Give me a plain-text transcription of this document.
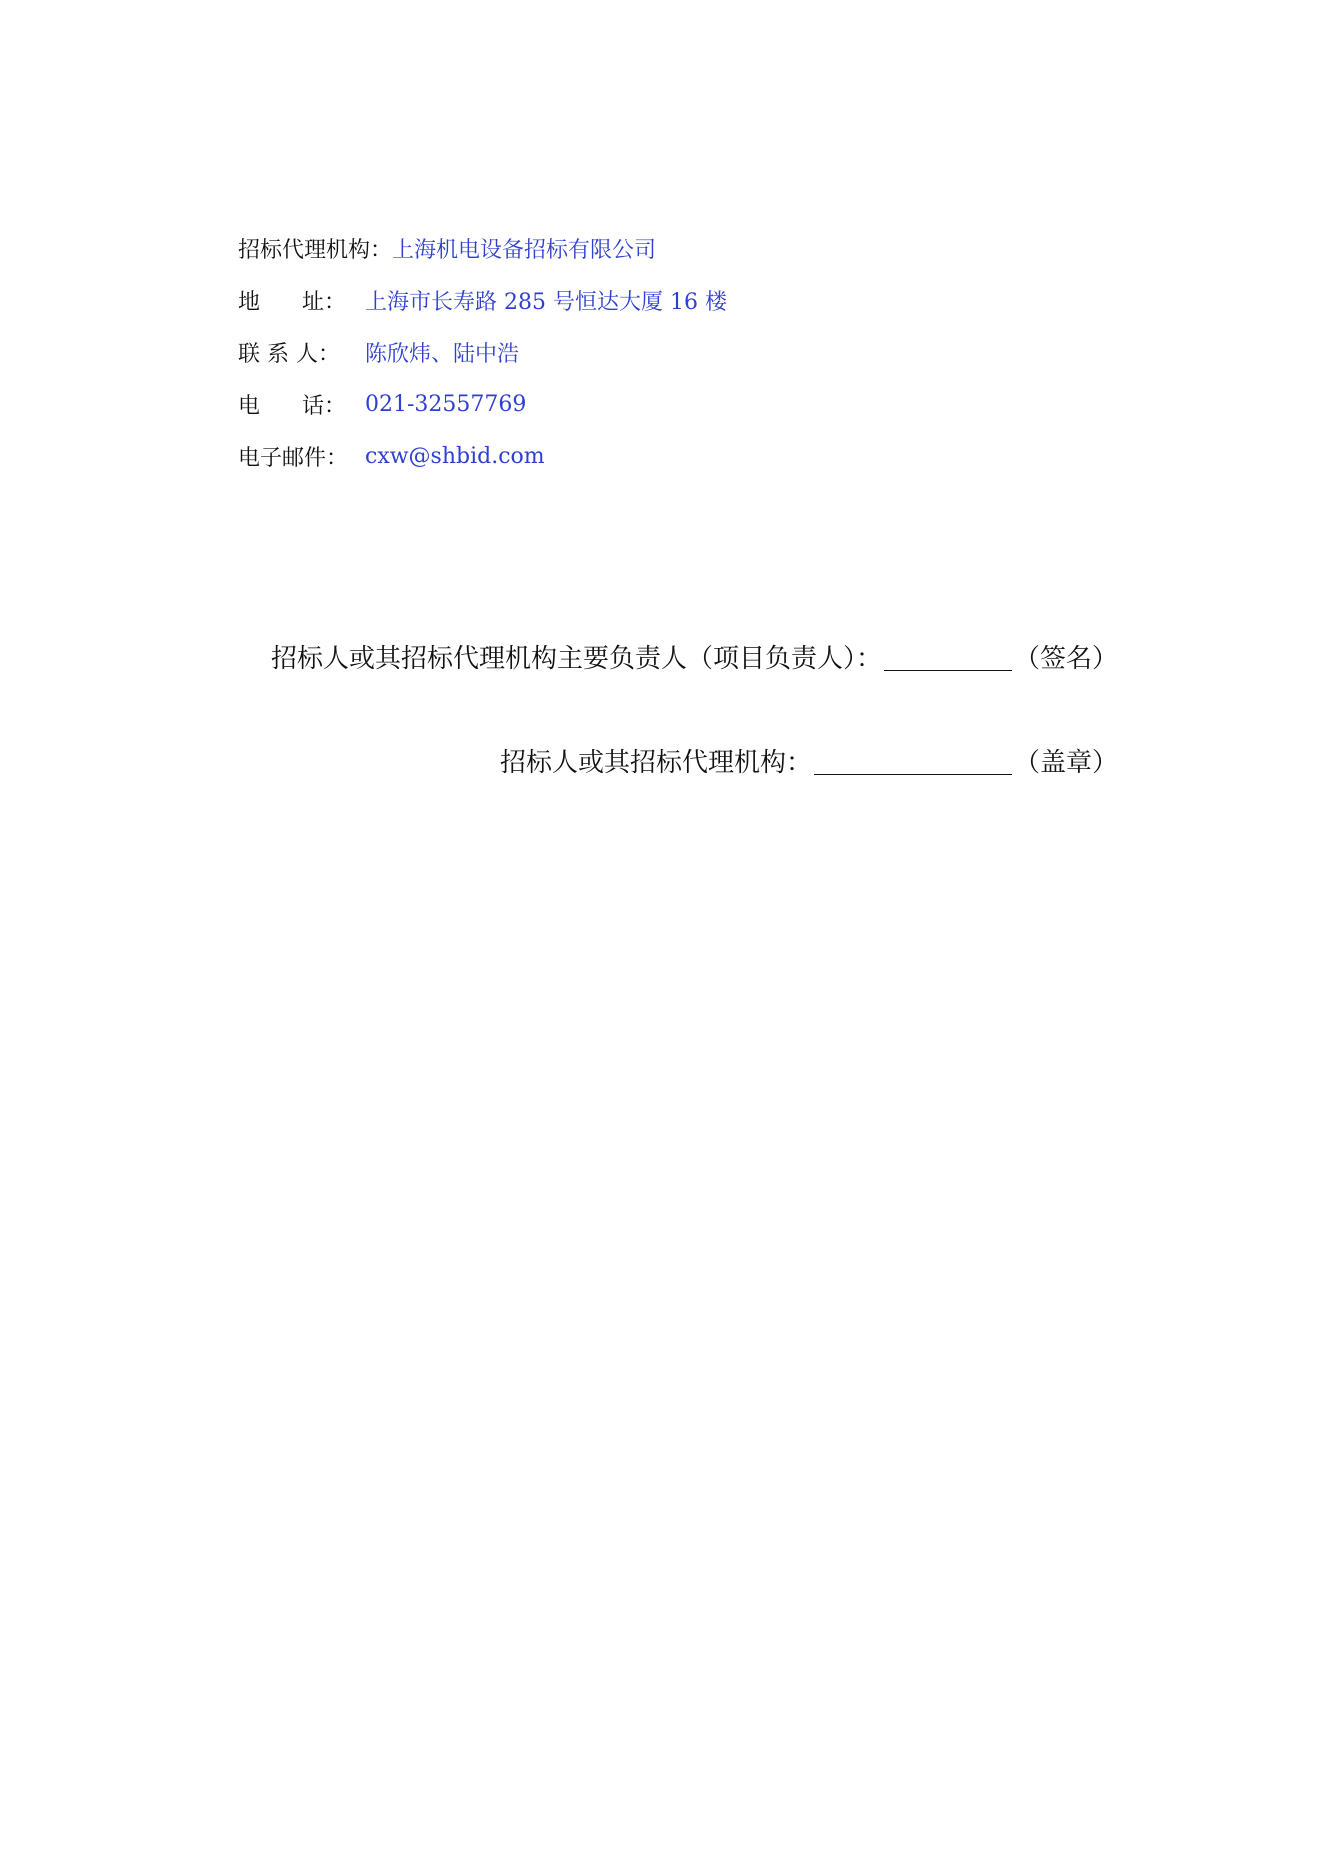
招标代理机构： 上海机电设备招标有限公司
地      址： 上海市长寿路 285 号恒达大厦 16 楼
联 系 人：	陈欣炜、陆中浩
电      话： 021-32557769
电子邮件： cxw@shbid.com
招标人或其招标代理机构主要负责人（项目负责人）：	（签名）
招标人或其招标代理机构：	（盖章）
